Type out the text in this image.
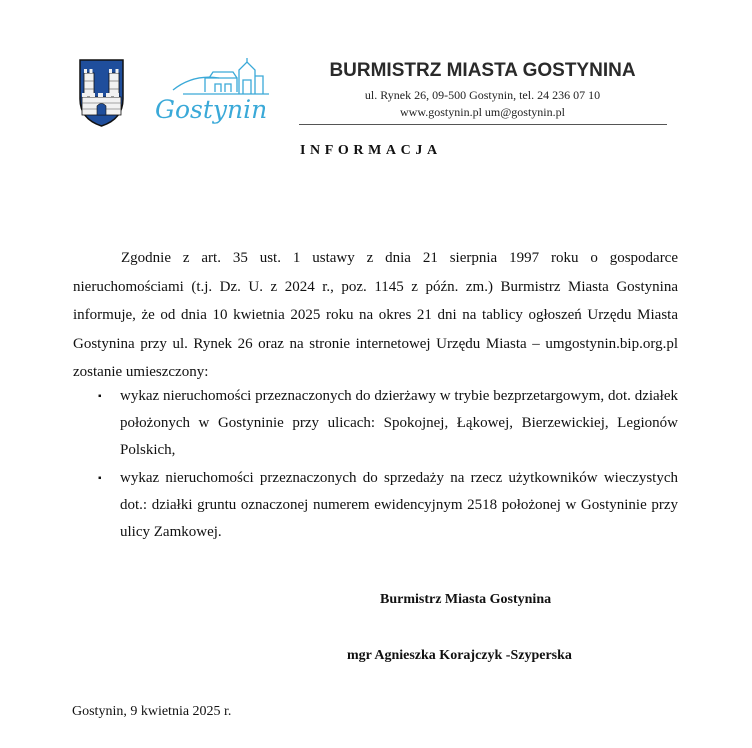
Gostynin
BURMISTRZ MIASTA GOSTYNINA
ul. Rynek 26, 09-500 Gostynin, tel. 24 236 07 10
www.gostynin.pl um@gostynin.pl
INFORMACJA

Zgodnie z art. 35 ust. 1 ustawy z dnia 21 sierpnia 1997 roku o gospodarce nieruchomościami (t.j. Dz. U. z 2024 r., poz. 1145 z późn. zm.) Burmistrz Miasta Gostynina informuje, że od dnia 10 kwietnia 2025 roku na okres 21 dni na tablicy ogłoszeń Urzędu Miasta Gostynina przy ul. Rynek 26 oraz na stronie internetowej Urzędu Miasta – umgostynin.bip.org.pl zostanie umieszczony:

▪ wykaz nieruchomości przeznaczonych do dzierżawy w trybie bezprzetargowym, dot. działek położonych w Gostyninie przy ulicach: Spokojnej, Łąkowej, Bierzewickiej, Legionów Polskich,
▪ wykaz nieruchomości przeznaczonych do sprzedaży na rzecz użytkowników wieczystych dot.: działki gruntu oznaczonej numerem ewidencyjnym 2518 położonej w Gostyninie przy ulicy Zamkowej.
Burmistrz Miasta Gostynina
mgr Agnieszka Korajczyk -Szyperska
Gostynin, 9 kwietnia 2025 r.
